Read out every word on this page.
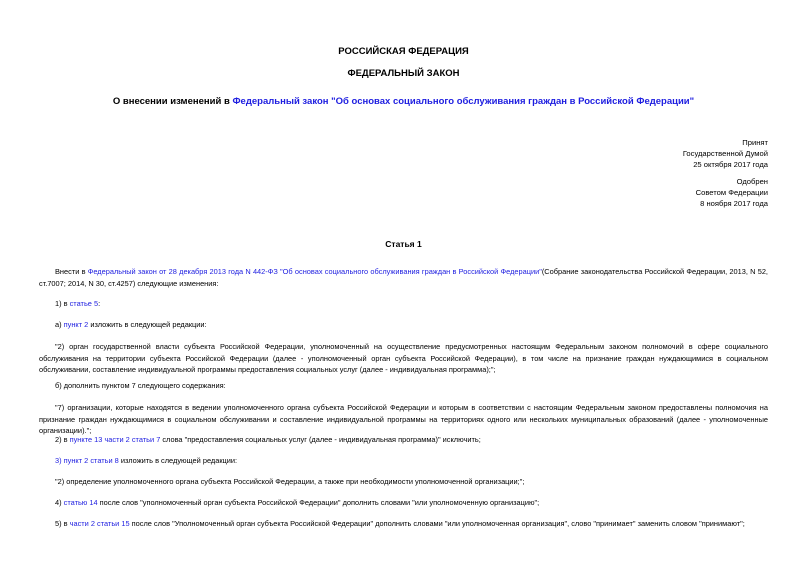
РОССИЙСКАЯ ФЕДЕРАЦИЯ
ФЕДЕРАЛЬНЫЙ ЗАКОН
О внесении изменений в Федеральный закон "Об основах социального обслуживания граждан в Российской Федерации"
Принят
Государственной Думой
25 октября 2017 года
Одобрен
Советом Федерации
8 ноября 2017 года
Статья 1
Внести в Федеральный закон от 28 декабря 2013 года N 442-ФЗ "Об основах социального обслуживания граждан в Российской Федерации"(Собрание законодательства Российской Федерации, 2013, N 52, ст.7007; 2014, N 30, ст.4257) следующие изменения:
1) в статье 5:
а) пункт 2 изложить в следующей редакции:
"2) орган государственной власти субъекта Российской Федерации, уполномоченный на осуществление предусмотренных настоящим Федеральным законом полномочий в сфере социального обслуживания на территории субъекта Российской Федерации (далее - уполномоченный орган субъекта Российской Федерации), в том числе на признание граждан нуждающимися в социальном обслуживании, составление индивидуальной программы предоставления социальных услуг (далее - индивидуальная программа);";
б) дополнить пунктом 7 следующего содержания:
"7) организации, которые находятся в ведении уполномоченного органа субъекта Российской Федерации и которым в соответствии с настоящим Федеральным законом предоставлены полномочия на признание граждан нуждающимися в социальном обслуживании и составление индивидуальной программы на территориях одного или нескольких муниципальных образований (далее - уполномоченные организации).";
2) в пункте 13 части 2 статьи 7 слова "предоставления социальных услуг (далее - индивидуальная программа)" исключить;
3) пункт 2 статьи 8 изложить в следующей редакции:
"2) определение уполномоченного органа субъекта Российской Федерации, а также при необходимости уполномоченной организации;";
4) статью 14 после слов "уполномоченный орган субъекта Российской Федерации" дополнить словами "или уполномоченную организацию";
5) в части 2 статьи 15 после слов "Уполномоченный орган субъекта Российской Федерации" дополнить словами "или уполномоченная организация", слово "принимает" заменить словом "принимают";
